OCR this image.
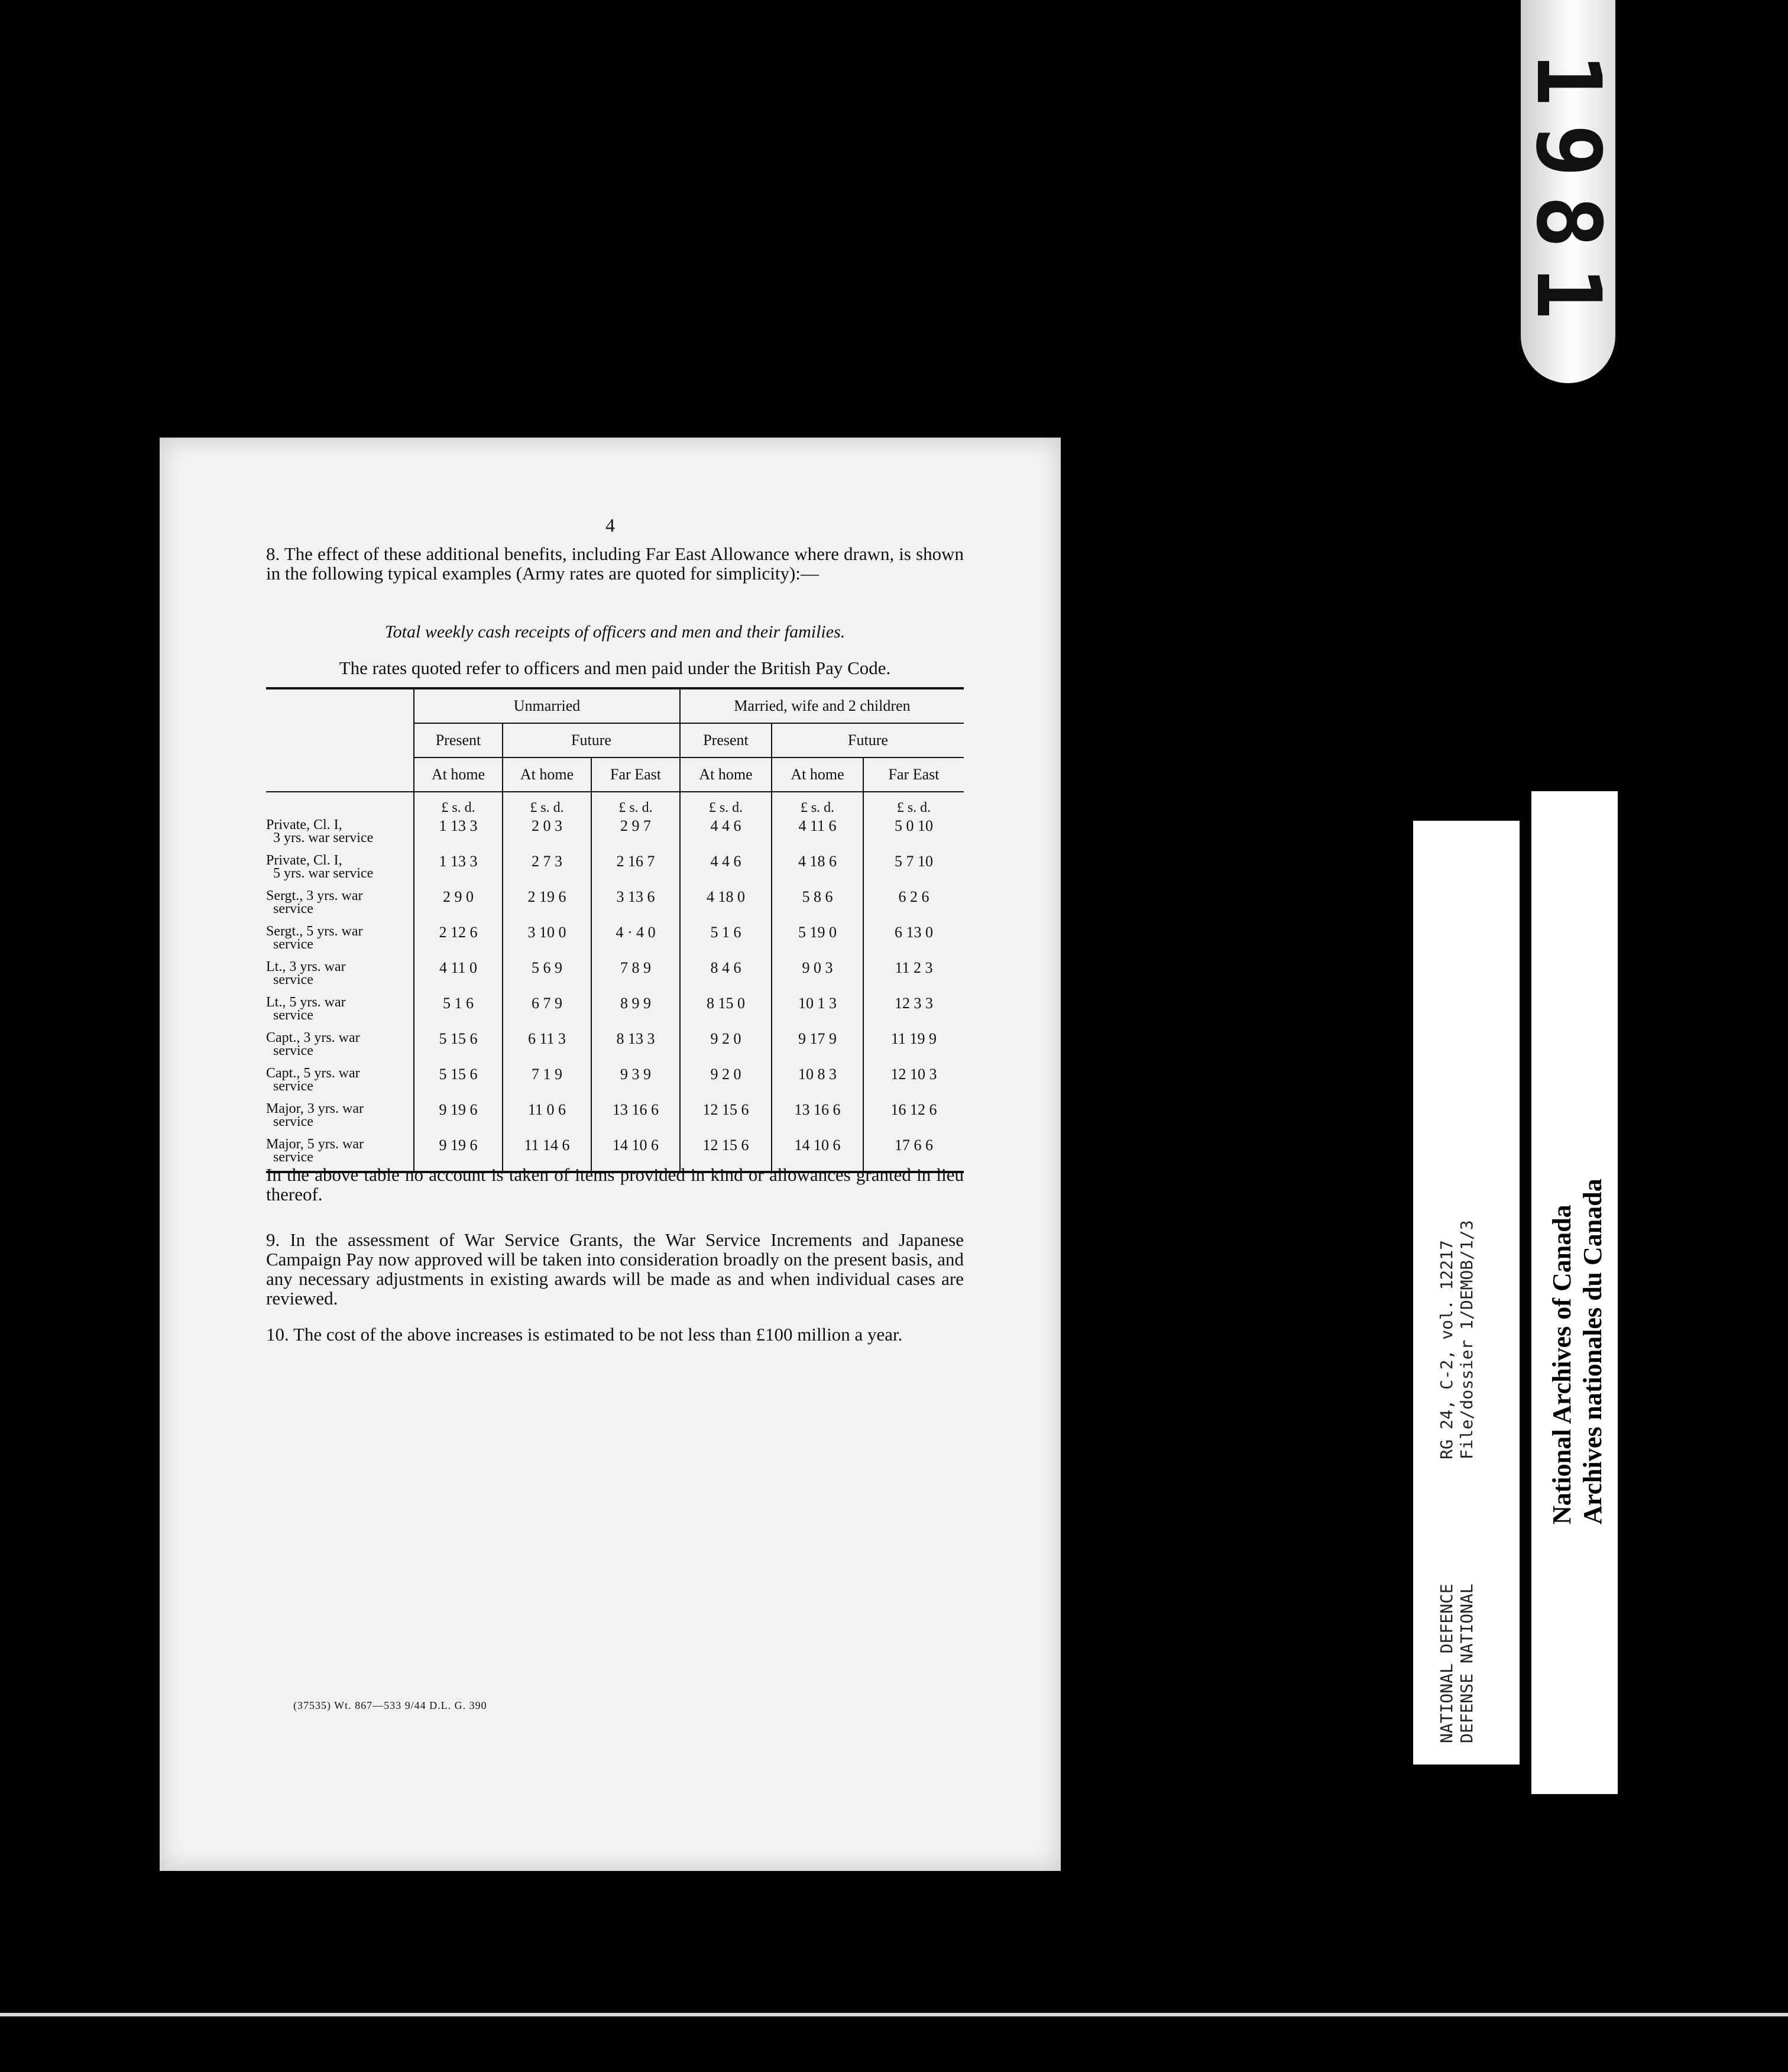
1981
4
8. The effect of these additional benefits, including Far East Allowance where drawn, is shown in the following typical examples (Army rates are quoted for simplicity):—
Total weekly cash receipts of officers and men and their families.
The rates quoted refer to officers and men paid under the British Pay Code.
	Unmarried			Married, wife and 2 children		
	Present	Future		Present	Future	
	At home	At home	Far East	At home	At home	Far East
	£ s. d.	£ s. d.	£ s. d.	£ s. d.	£ s. d.	£ s. d.
Private, Cl. I,
3 yrs. war service	1 13 3	2 0 3	2 9 7	4 4 6	4 11 6	5 0 10
Private, Cl. I,
5 yrs. war service	1 13 3	2 7 3	2 16 7	4 4 6	4 18 6	5 7 10
Sergt., 3 yrs. war
service	2 9 0	2 19 6	3 13 6	4 18 0	5 8 6	6 2 6
Sergt., 5 yrs. war
service	2 12 6	3 10 0	4 · 4 0	5 1 6	5 19 0	6 13 0
Lt., 3 yrs. war
service	4 11 0	5 6 9	7 8 9	8 4 6	9 0 3	11 2 3
Lt., 5 yrs. war
service	5 1 6	6 7 9	8 9 9	8 15 0	10 1 3	12 3 3
Capt., 3 yrs. war
service	5 15 6	6 11 3	8 13 3	9 2 0	9 17 9	11 19 9
Capt., 5 yrs. war
service	5 15 6	7 1 9	9 3 9	9 2 0	10 8 3	12 10 3
Major, 3 yrs. war
service	9 19 6	11 0 6	13 16 6	12 15 6	13 16 6	16 12 6
Major, 5 yrs. war
service	9 19 6	11 14 6	14 10 6	12 15 6	14 10 6	17 6 6

In the above table no account is taken of items provided in kind or allowances granted in lieu thereof.
9. In the assessment of War Service Grants, the War Service Increments and Japanese Campaign Pay now approved will be taken into consideration broadly on the present basis, and any necessary adjustments in existing awards will be made as and when individual cases are reviewed.
10. The cost of the above increases is estimated to be not less than £100 million a year.
(37535) Wt. 867—533 9/44 D.L. G. 390
RG 24, C-2, vol. 12217 File/dossier 1/DEMOB/1/3
NATIONAL DEFENCE DEFENSE NATIONAL
National Archives of Canada Archives nationales du Canada
